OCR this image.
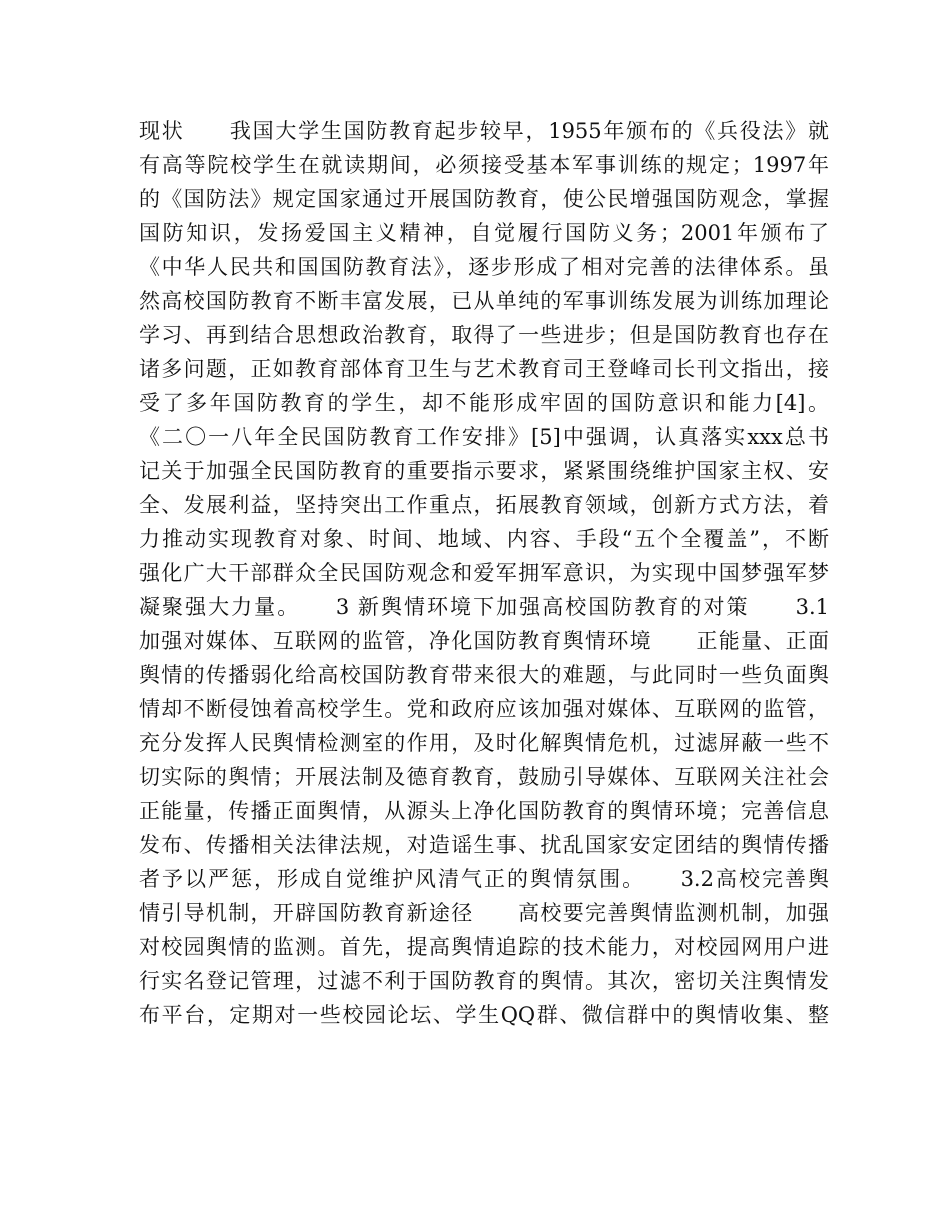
现状　　我国大学生国防教育起步较早，1955年颁布的《兵役法》就
有高等院校学生在就读期间，必须接受基本军事训练的规定；1997年
的《国防法》规定国家通过开展国防教育，使公民增强国防观念，掌握
国防知识，发扬爱国主义精神，自觉履行国防义务；2001年颁布了
《中华人民共和国国防教育法》，逐步形成了相对完善的法律体系。虽
然高校国防教育不断丰富发展，已从单纯的军事训练发展为训练加理论
学习、再到结合思想政治教育，取得了一些进步；但是国防教育也存在
诸多问题，正如教育部体育卫生与艺术教育司王登峰司长刊文指出，接
受了多年国防教育的学生，却不能形成牢固的国防意识和能力[4]。
《二〇一八年全民国防教育工作安排》[5]中强调，认真落实xxx总书
记关于加强全民国防教育的重要指示要求，紧紧围绕维护国家主权、安
全、发展利益，坚持突出工作重点，拓展教育领域，创新方式方法，着
力推动实现教育对象、时间、地域、内容、手段“五个全覆盖”，不断
强化广大干部群众全民国防观念和爱军拥军意识，为实现中国梦强军梦
凝聚强大力量。　　3 新舆情环境下加强高校国防教育的对策　　3.1
加强对媒体、互联网的监管，净化国防教育舆情环境　　正能量、正面
舆情的传播弱化给高校国防教育带来很大的难题，与此同时一些负面舆
情却不断侵蚀着高校学生。党和政府应该加强对媒体、互联网的监管，
充分发挥人民舆情检测室的作用，及时化解舆情危机，过滤屏蔽一些不
切实际的舆情；开展法制及德育教育，鼓励引导媒体、互联网关注社会
正能量，传播正面舆情，从源头上净化国防教育的舆情环境；完善信息
发布、传播相关法律法规，对造谣生事、扰乱国家安定团结的舆情传播
者予以严惩，形成自觉维护风清气正的舆情氛围。　　3.2高校完善舆
情引导机制，开辟国防教育新途径　　高校要完善舆情监测机制，加强
对校园舆情的监测。首先，提高舆情追踪的技术能力，对校园网用户进
行实名登记管理，过滤不利于国防教育的舆情。其次，密切关注舆情发
布平台，定期对一些校园论坛、学生QQ群、微信群中的舆情收集、整
